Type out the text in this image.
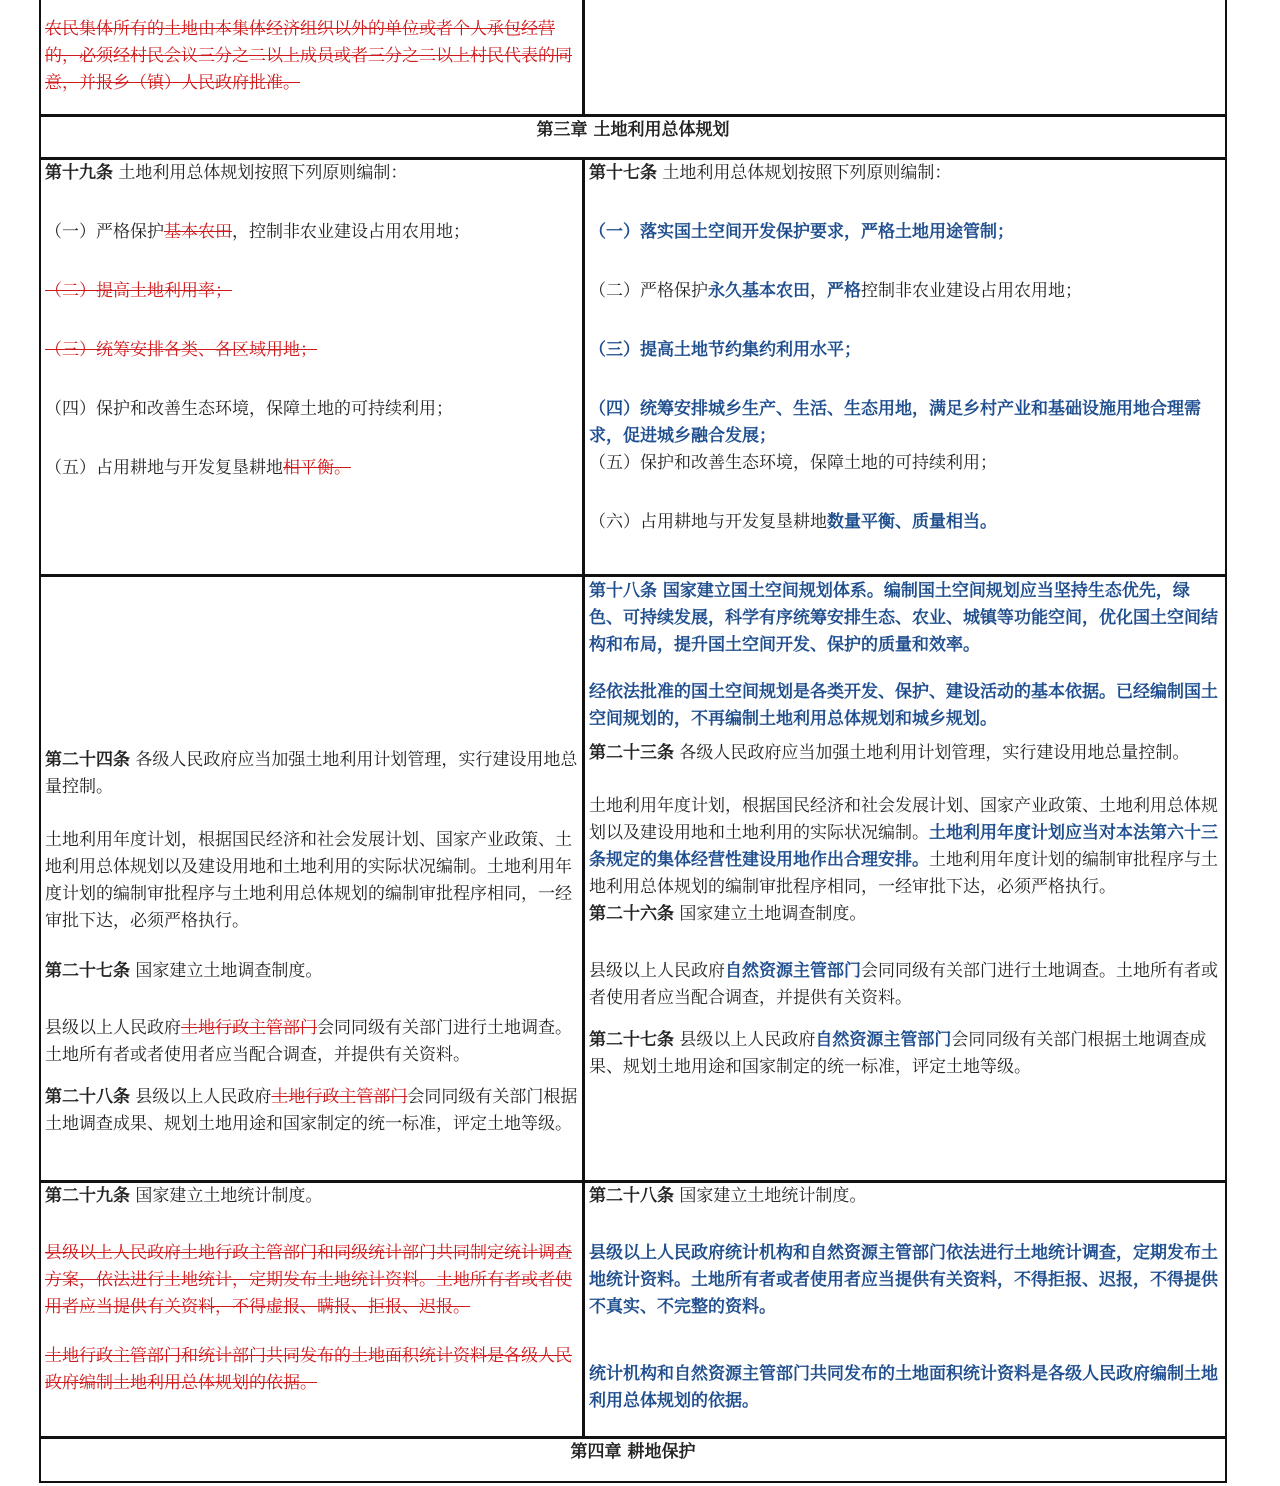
农民集体所有的土地由本集体经济组织以外的单位或者个人承包经营的，必须经村民会议三分之二以上成员或者三分之二以上村民代表的同意，并报乡（镇）人民政府批准。

第三章 土地利用总体规划

第十九条 土地利用总体规划按照下列原则编制：

（一）严格保护基本农田，控制非农业建设占用农用地；

（二）提高土地利用率；

（三）统筹安排各类、各区域用地；

（四）保护和改善生态环境，保障土地的可持续利用；

（五）占用耕地与开发复垦耕地相平衡。

第十七条 土地利用总体规划按照下列原则编制：

（一）落实国土空间开发保护要求，严格土地用途管制；

（二）严格保护永久基本农田，严格控制非农业建设占用农用地；

（三）提高土地节约集约利用水平；

（四）统筹安排城乡生产、生活、生态用地，满足乡村产业和基础设施用地合理需求，促进城乡融合发展；

（五）保护和改善生态环境，保障土地的可持续利用；

（六）占用耕地与开发复垦耕地数量平衡、质量相当。

第二十四条 各级人民政府应当加强土地利用计划管理，实行建设用地总量控制。

土地利用年度计划，根据国民经济和社会发展计划、国家产业政策、土地利用总体规划以及建设用地和土地利用的实际状况编制。土地利用年度计划的编制审批程序与土地利用总体规划的编制审批程序相同，一经审批下达，必须严格执行。

第二十七条 国家建立土地调查制度。

县级以上人民政府土地行政主管部门会同同级有关部门进行土地调查。土地所有者或者使用者应当配合调查，并提供有关资料。

第二十八条 县级以上人民政府土地行政主管部门会同同级有关部门根据土地调查成果、规划土地用途和国家制定的统一标准，评定土地等级。

第十八条 国家建立国土空间规划体系。编制国土空间规划应当坚持生态优先，绿色、可持续发展，科学有序统筹安排生态、农业、城镇等功能空间，优化国土空间结构和布局，提升国土空间开发、保护的质量和效率。

经依法批准的国土空间规划是各类开发、保护、建设活动的基本依据。已经编制国土空间规划的，不再编制土地利用总体规划和城乡规划。

第二十三条 各级人民政府应当加强土地利用计划管理，实行建设用地总量控制。

土地利用年度计划，根据国民经济和社会发展计划、国家产业政策、土地利用总体规划以及建设用地和土地利用的实际状况编制。土地利用年度计划应当对本法第六十三条规定的集体经营性建设用地作出合理安排。土地利用年度计划的编制审批程序与土地利用总体规划的编制审批程序相同，一经审批下达，必须严格执行。

第二十六条 国家建立土地调查制度。

县级以上人民政府自然资源主管部门会同同级有关部门进行土地调查。土地所有者或者使用者应当配合调查，并提供有关资料。

第二十七条 县级以上人民政府自然资源主管部门会同同级有关部门根据土地调查成果、规划土地用途和国家制定的统一标准，评定土地等级。

第二十九条 国家建立土地统计制度。

县级以上人民政府土地行政主管部门和同级统计部门共同制定统计调查方案，依法进行土地统计，定期发布土地统计资料。土地所有者或者使用者应当提供有关资料，不得虚报、瞒报、拒报、迟报。

土地行政主管部门和统计部门共同发布的土地面积统计资料是各级人民政府编制土地利用总体规划的依据。

第二十八条 国家建立土地统计制度。

县级以上人民政府统计机构和自然资源主管部门依法进行土地统计调查，定期发布土地统计资料。土地所有者或者使用者应当提供有关资料，不得拒报、迟报，不得提供不真实、不完整的资料。

统计机构和自然资源主管部门共同发布的土地面积统计资料是各级人民政府编制土地利用总体规划的依据。

第四章 耕地保护
